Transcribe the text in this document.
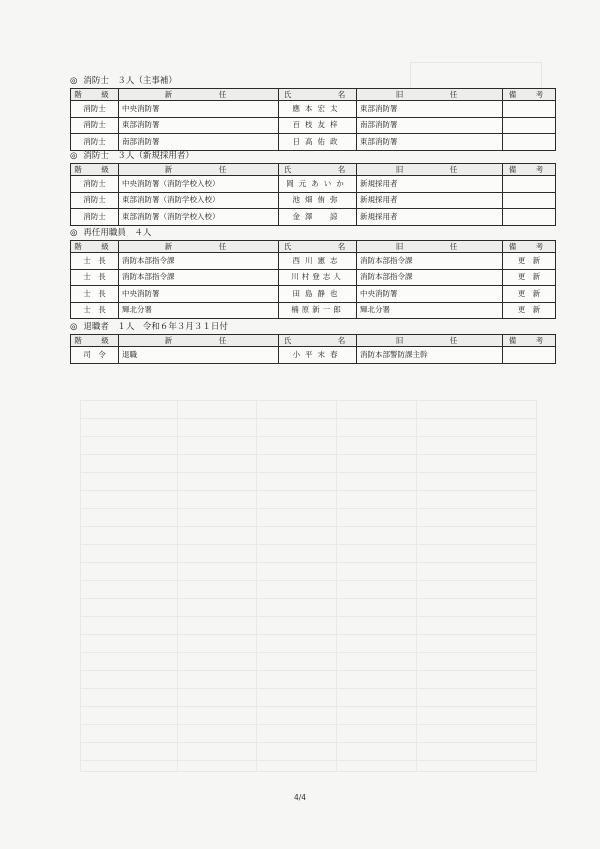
◎ 消防士　３人（主事補）
階　級	新　　　任	氏　　　名	旧　　　任	備　考
消防士	中央消防署	應本宏太	東部消防署	
消防士	東部消防署	百枝友梓	南部消防署	
消防士	南部消防署	日高佑政	東部消防署	
◎ 消防士　３人（新規採用者）
階　級	新　　　任	氏　　　名	旧　　　任	備　考
消防士	中央消防署（消防学校入校）	岡元あいか	新規採用者	
消防士	東部消防署（消防学校入校）	池畑侑弥	新規採用者	
消防士	東部消防署（消防学校入校）	金澤　諒	新規採用者	
◎ 再任用職員　４人
階　級	新　　　任	氏　　　名	旧　　　任	備　考
士　長	消防本部指令課	西川憲志	消防本部指令課	更　新
士　長	消防本部指令課	川村登志人	消防本部指令課	更　新
士　長	中央消防署	田島静也	中央消防署	更　新
士　長	輝北分署	楠原新一郎	輝北分署	更　新
◎ 退職者　１人　令和６年３月３１日付
階　級	新　　　任	氏　　　名	旧　　　任	備　考
司　令	退職	小平末春	消防本部警防課主幹	
4/4
